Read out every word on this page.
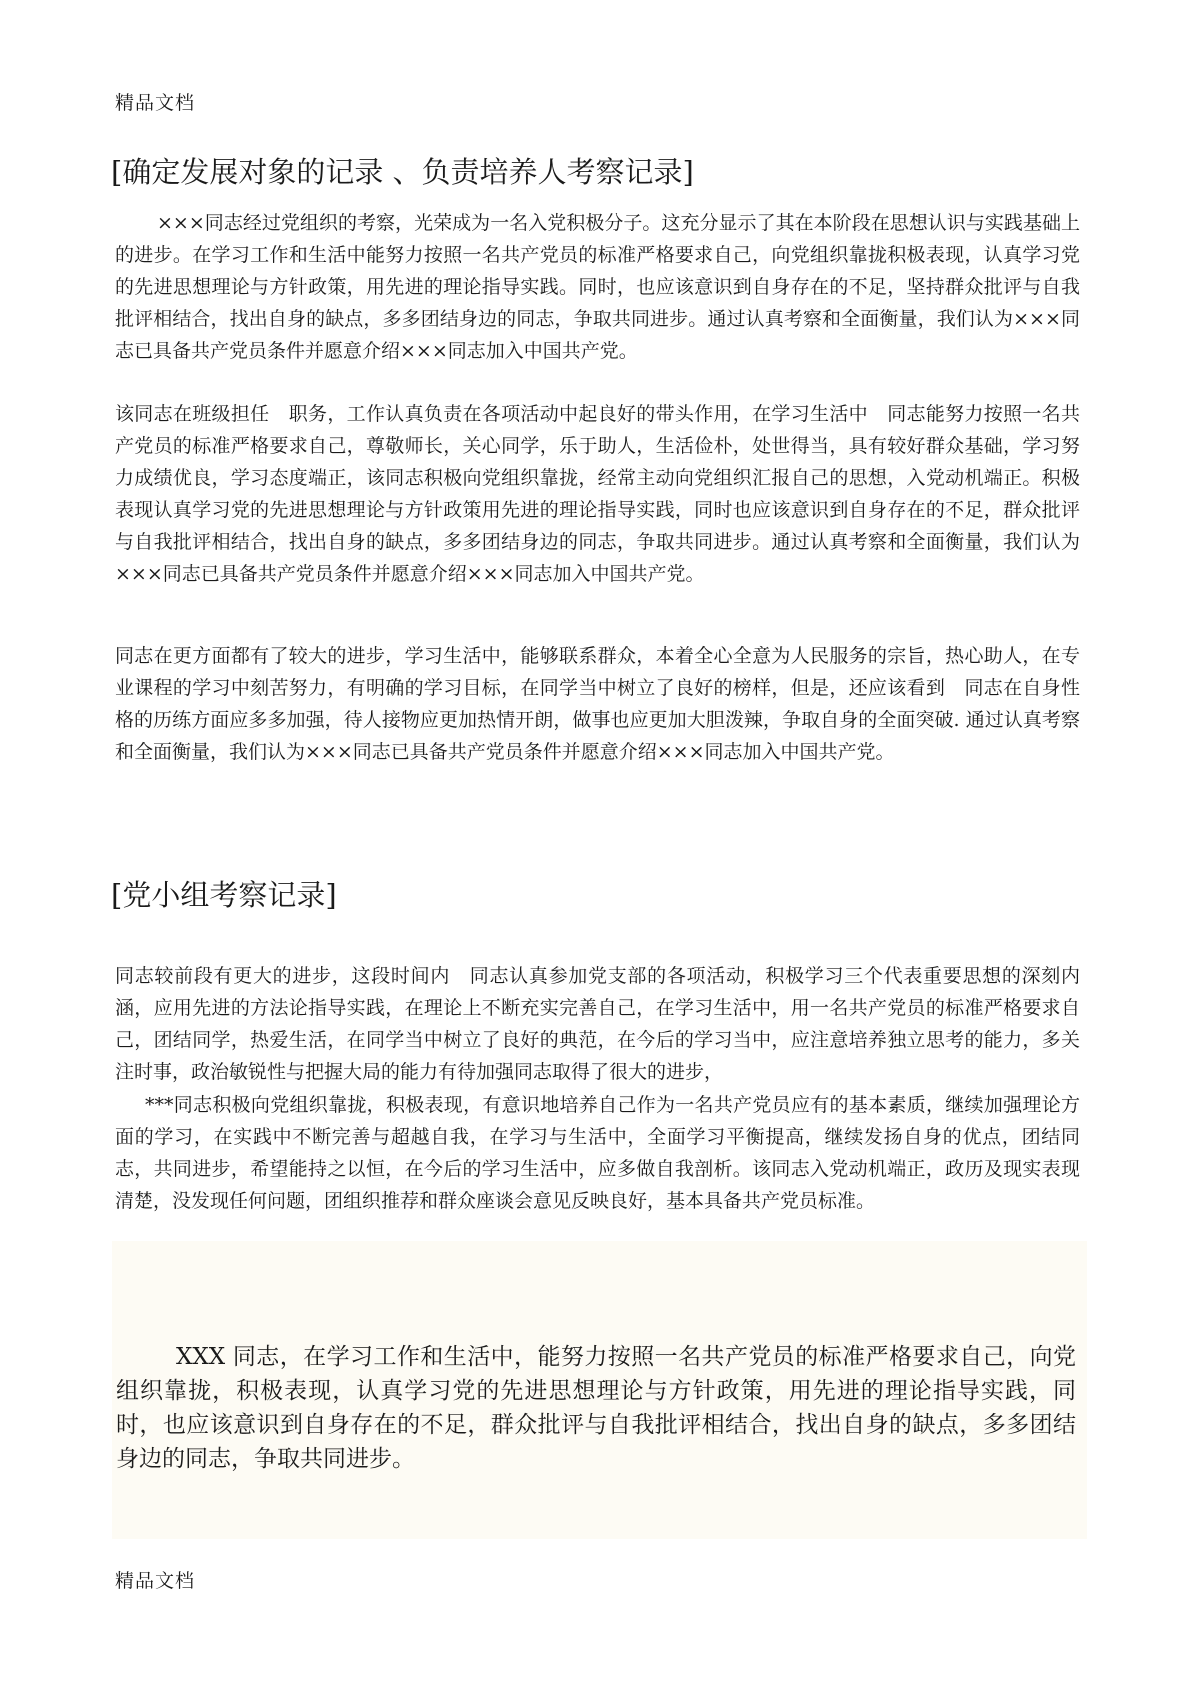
精品文档
[确定发展对象的记录 、负责培养人考察记录]

×××同志经过党组织的考察，光荣成为一名入党积极分子。这充分显示了其在本阶段在思想认识与实践基础上的进步。在学习工作和生活中能努力按照一名共产党员的标准严格要求自己，向党组织靠拢积极表现，认真学习党的先进思想理论与方针政策，用先进的理论指导实践。同时，也应该意识到自身存在的不足，坚持群众批评与自我批评相结合，找出自身的缺点，多多团结身边的同志，争取共同进步。通过认真考察和全面衡量，我们认为×××同志已具备共产党员条件并愿意介绍×××同志加入中国共产党。

该同志在班级担任　职务，工作认真负责在各项活动中起良好的带头作用，在学习生活中　同志能努力按照一名共产党员的标准严格要求自己，尊敬师长，关心同学，乐于助人，生活俭朴，处世得当，具有较好群众基础，学习努力成绩优良，学习态度端正，该同志积极向党组织靠拢，经常主动向党组织汇报自己的思想，入党动机端正。积极表现认真学习党的先进思想理论与方针政策用先进的理论指导实践，同时也应该意识到自身存在的不足，群众批评与自我批评相结合，找出自身的缺点，多多团结身边的同志，争取共同进步。通过认真考察和全面衡量，我们认为×××同志已具备共产党员条件并愿意介绍×××同志加入中国共产党。

同志在更方面都有了较大的进步，学习生活中，能够联系群众，本着全心全意为人民服务的宗旨，热心助人，在专业课程的学习中刻苦努力，有明确的学习目标，在同学当中树立了良好的榜样，但是，还应该看到　同志在自身性格的历练方面应多多加强，待人接物应更加热情开朗，做事也应更加大胆泼辣，争取自身的全面突破. 通过认真考察和全面衡量，我们认为×××同志已具备共产党员条件并愿意介绍×××同志加入中国共产党。

[党小组考察记录]

同志较前段有更大的进步，这段时间内　同志认真参加党支部的各项活动，积极学习三个代表重要思想的深刻内涵，应用先进的方法论指导实践，在理论上不断充实完善自己，在学习生活中，用一名共产党员的标准严格要求自己，团结同学，热爱生活，在同学当中树立了良好的典范，在今后的学习当中，应注意培养独立思考的能力，多关注时事，政治敏锐性与把握大局的能力有待加强同志取得了很大的进步，

***同志积极向党组织靠拢，积极表现，有意识地培养自己作为一名共产党员应有的基本素质，继续加强理论方面的学习，在实践中不断完善与超越自我，在学习与生活中，全面学习平衡提高，继续发扬自身的优点，团结同志，共同进步，希望能持之以恒，在今后的学习生活中，应多做自我剖析。该同志入党动机端正，政历及现实表现清楚，没发现任何问题，团组织推荐和群众座谈会意见反映良好，基本具备共产党员标准。

XXX 同志，在学习工作和生活中，能努力按照一名共产党员的标准严格要求自己，向党组织靠拢，积极表现，认真学习党的先进思想理论与方针政策，用先进的理论指导实践，同时，也应该意识到自身存在的不足，群众批评与自我批评相结合，找出自身的缺点，多多团结身边的同志，争取共同进步。

精品文档
